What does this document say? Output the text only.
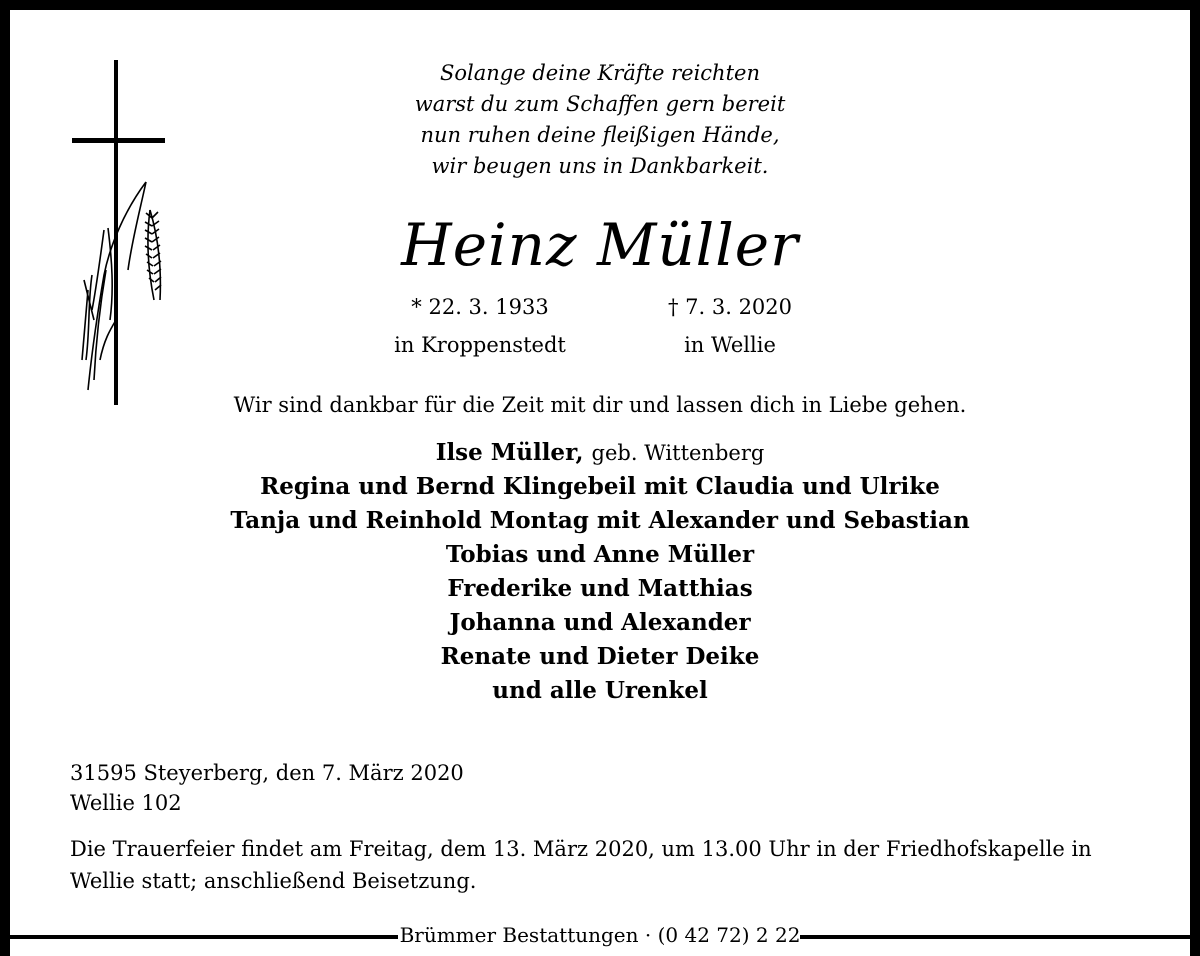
Solange deine Kräfte reichten
warst du zum Schaffen gern bereit
nun ruhen deine fleißigen Hände,
wir beugen uns in Dankbarkeit.
Heinz Müller
* 22. 3. 1933
in Kroppenstedt
† 7. 3. 2020
in Wellie
Wir sind dankbar für die Zeit mit dir und lassen dich in Liebe gehen.
Ilse Müller, geb. Wittenberg
Regina und Bernd Klingebeil mit Claudia und Ulrike
Tanja und Reinhold Montag mit Alexander und Sebastian
Tobias und Anne Müller
Frederike und Matthias
Johanna und Alexander
Renate und Dieter Deike
und alle Urenkel
31595 Steyerberg, den 7. März 2020
Wellie 102
Die Trauerfeier findet am Freitag, dem 13. März 2020, um 13.00 Uhr in der Friedhofskapelle in Wellie statt; anschließend Beisetzung.
Brümmer Bestattungen · (0 42 72) 2 22
